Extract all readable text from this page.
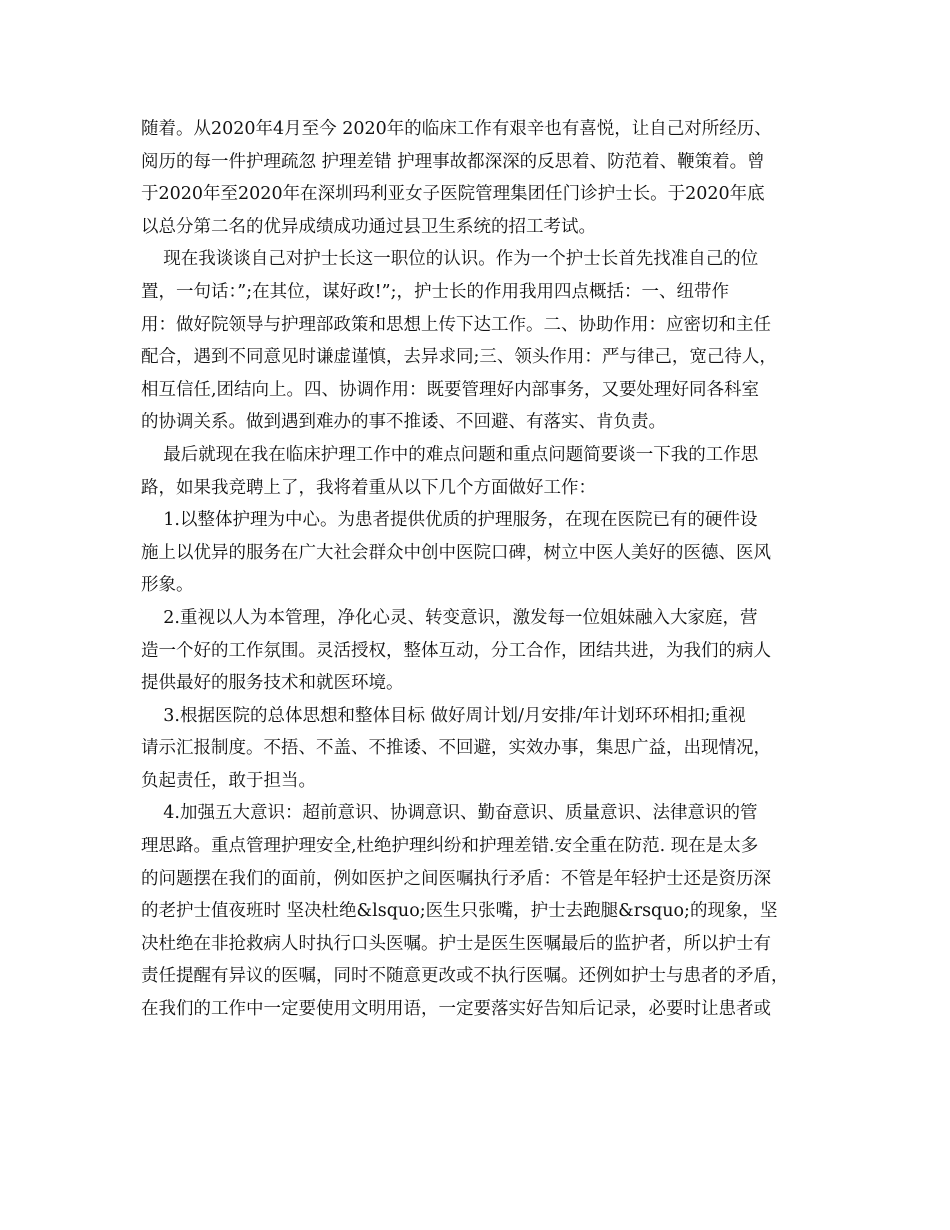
随着。从2020年4月至今 2020年的临床工作有艰辛也有喜悦，让自己对所经历、
阅历的每一件护理疏忽 护理差错 护理事故都深深的反思着、防范着、鞭策着。曾
于2020年至2020年在深圳玛利亚女子医院管理集团任门诊护士长。于2020年底
以总分第二名的优异成绩成功通过县卫生系统的招工考试。
现在我谈谈自己对护士长这一职位的认识。作为一个护士长首先找准自己的位
置，一句话：”;在其位，谋好政!”;，护士长的作用我用四点概括：一、纽带作
用：做好院领导与护理部政策和思想上传下达工作。二、协助作用：应密切和主任
配合，遇到不同意见时谦虚谨慎，去异求同;三、领头作用：严与律己，宽己待人，
相互信任,团结向上。四、协调作用：既要管理好内部事务，又要处理好同各科室
的协调关系。做到遇到难办的事不推诿、不回避、有落实、肯负责。
最后就现在我在临床护理工作中的难点问题和重点问题简要谈一下我的工作思
路，如果我竞聘上了，我将着重从以下几个方面做好工作：
1.以整体护理为中心。为患者提供优质的护理服务，在现在医院已有的硬件设
施上以优异的服务在广大社会群众中创中医院口碑，树立中医人美好的医德、医风
形象。
2.重视以人为本管理，净化心灵、转变意识，激发每一位姐妹融入大家庭，营
造一个好的工作氛围。灵活授权，整体互动，分工合作，团结共进，为我们的病人
提供最好的服务技术和就医环境。
3.根据医院的总体思想和整体目标 做好周计划/月安排/年计划环环相扣;重视
请示汇报制度。不捂、不盖、不推诿、不回避，实效办事，集思广益，出现情况，
负起责任，敢于担当。
4.加强五大意识：超前意识、协调意识、勤奋意识、质量意识、法律意识的管
理思路。重点管理护理安全,杜绝护理纠纷和护理差错.安全重在防范. 现在是太多
的问题摆在我们的面前，例如医护之间医嘱执行矛盾：不管是年轻护士还是资历深
的老护士值夜班时 坚决杜绝&lsquo;医生只张嘴，护士去跑腿&rsquo;的现象，坚
决杜绝在非抢救病人时执行口头医嘱。护士是医生医嘱最后的监护者，所以护士有
责任提醒有异议的医嘱，同时不随意更改或不执行医嘱。还例如护士与患者的矛盾，
在我们的工作中一定要使用文明用语，一定要落实好告知后记录，必要时让患者或
